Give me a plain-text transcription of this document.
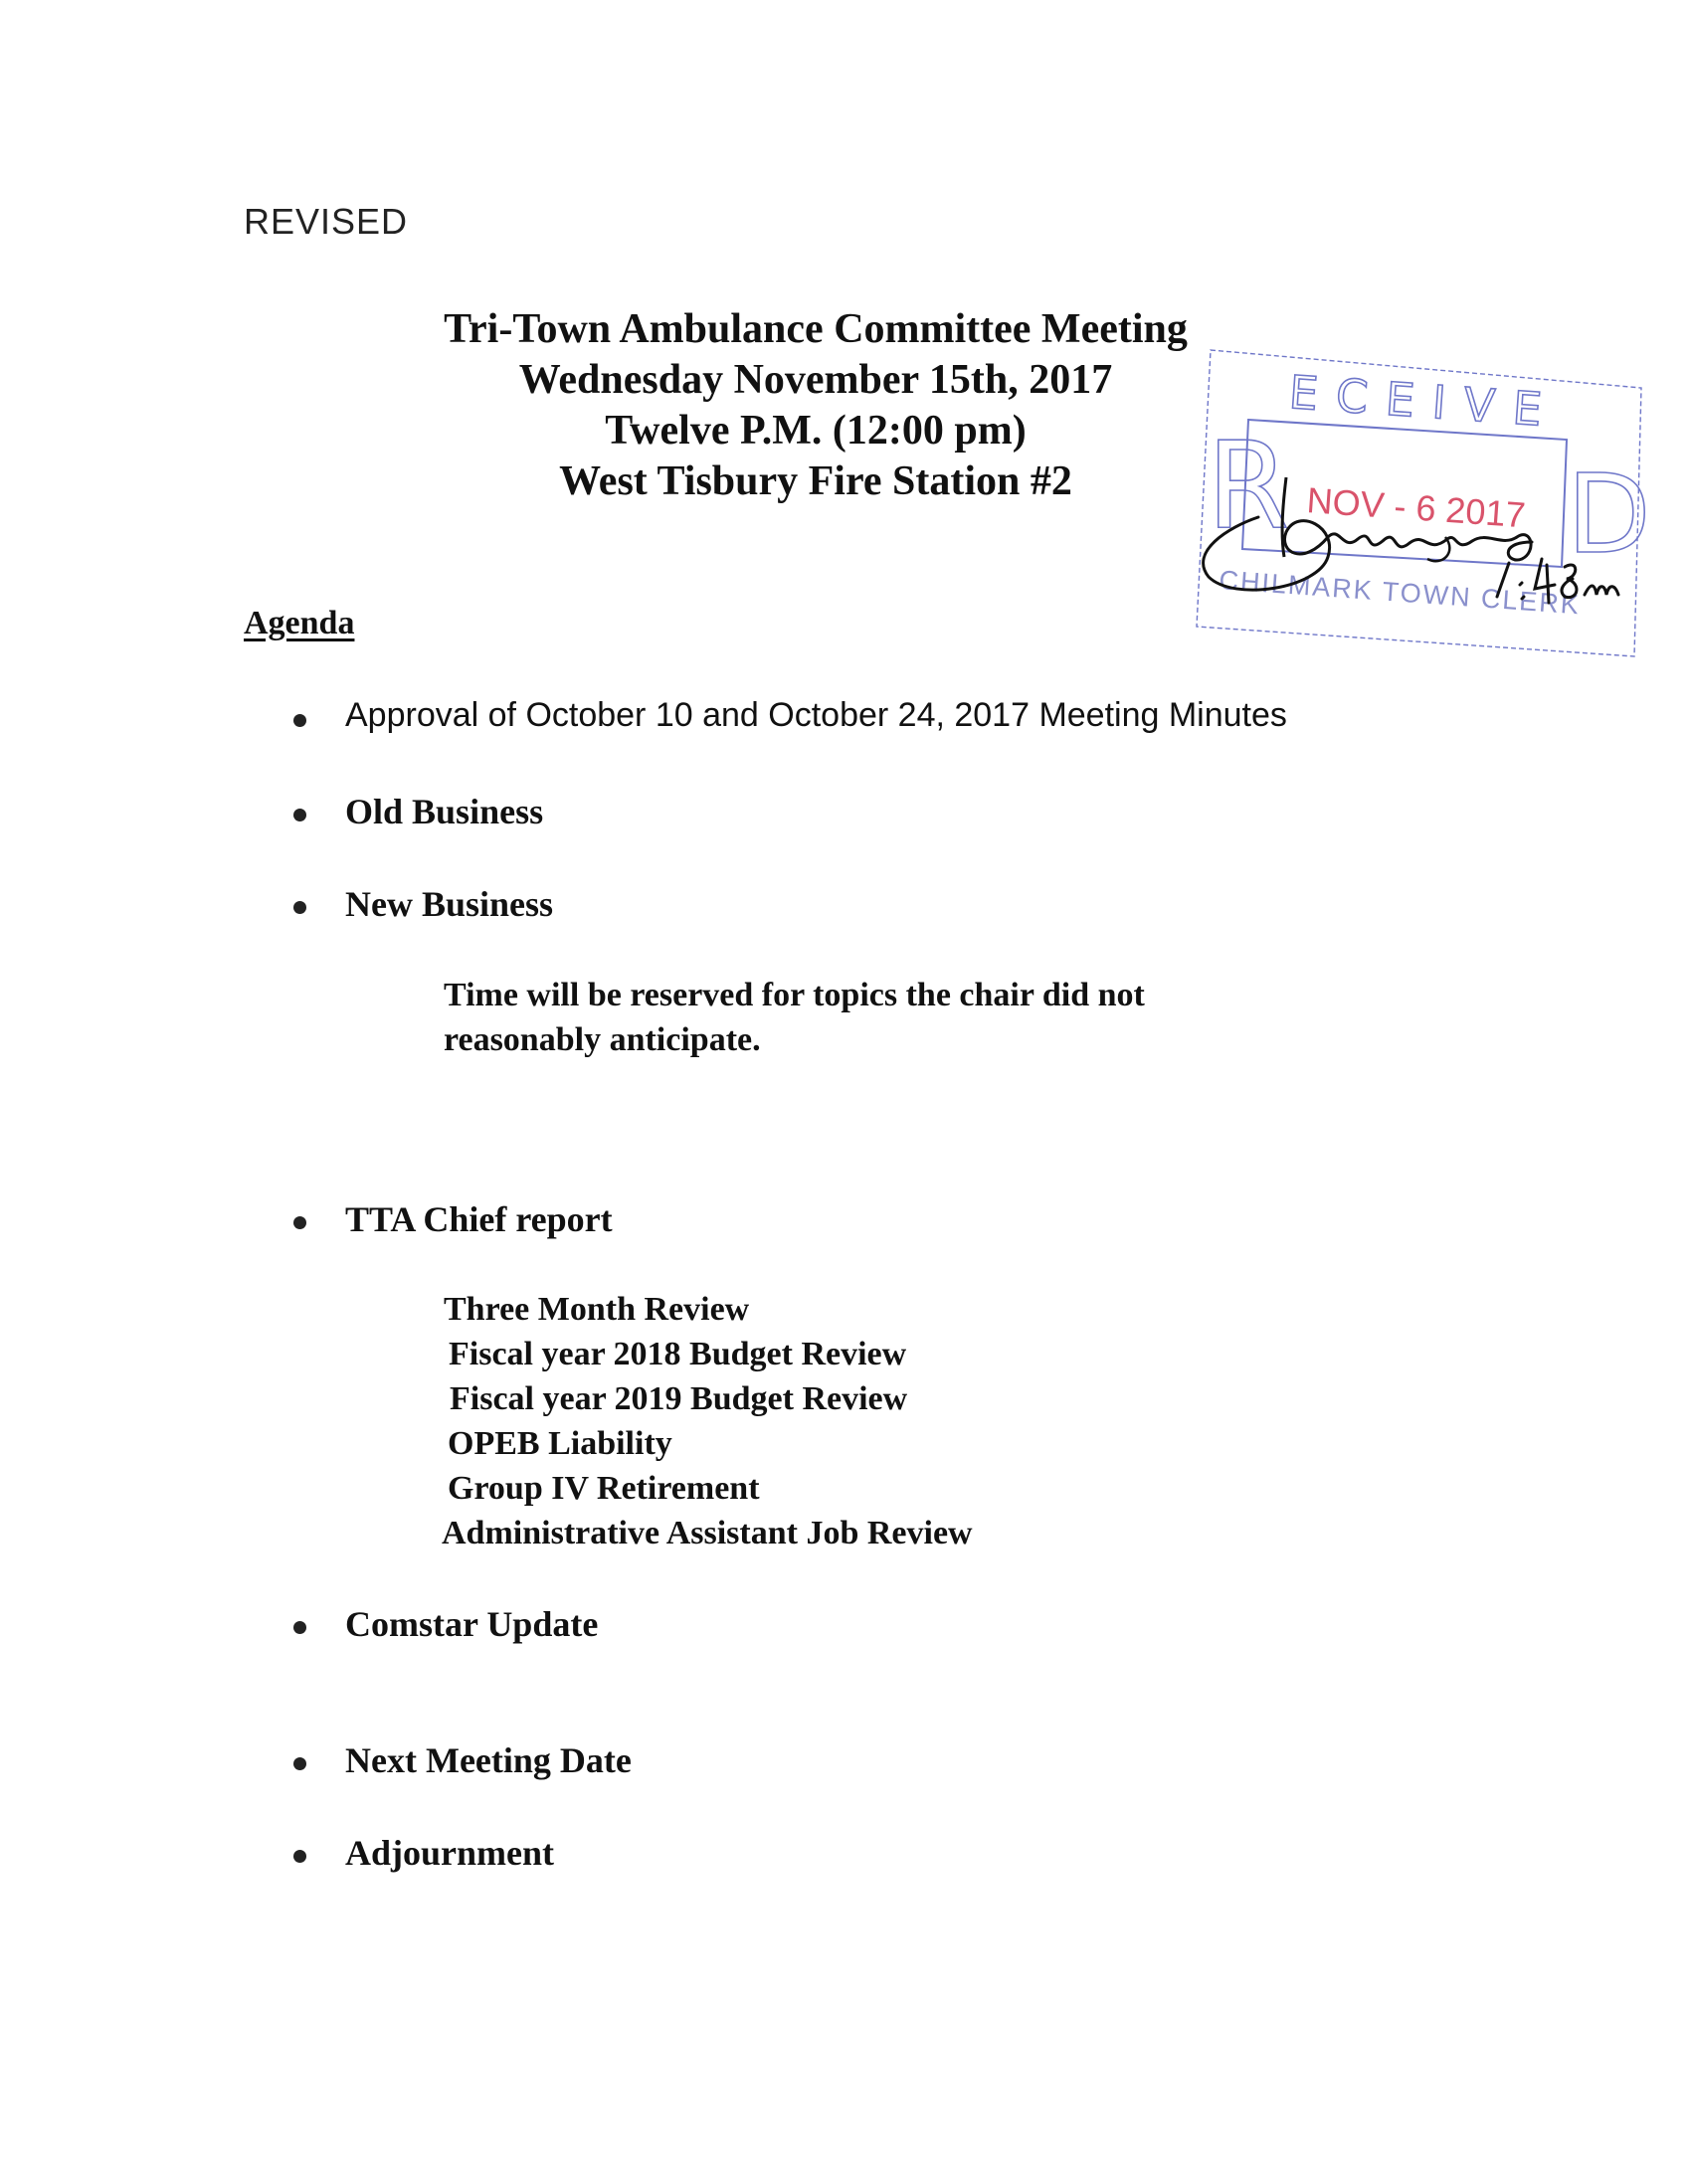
REVISED
Tri-Town Ambulance Committee Meeting
Wednesday November 15th, 2017
Twelve P.M. (12:00 pm)
West Tisbury Fire Station #2	R	D
ECEIVE
NOV - 6 2017
CHILMARK TOWN CLERK
Agenda
Approval of October 10 and October 24, 2017 Meeting Minutes
Old Business
New Business
Time will be reserved for topics the chair did not
reasonably anticipate.
TTA Chief report
Three Month Review
Fiscal year 2018 Budget Review
Fiscal year 2019 Budget Review
OPEB Liability
Group IV Retirement
Administrative Assistant Job Review
Comstar Update
Next Meeting Date
Adjournment
